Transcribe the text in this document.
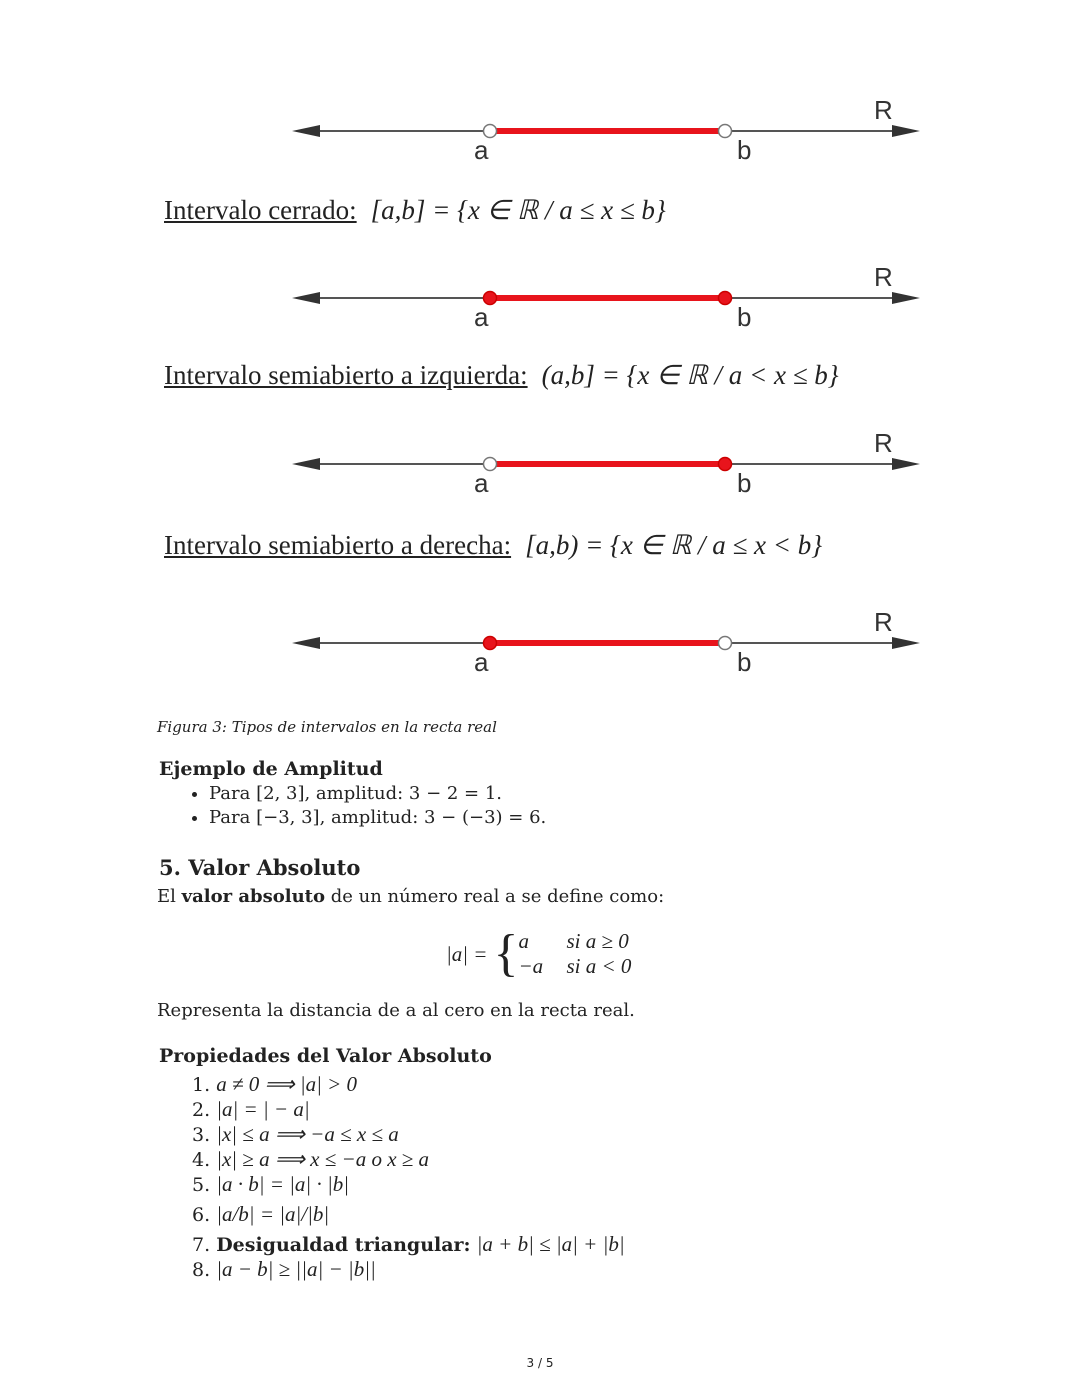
a	b
R
Intervalo cerrado: [a,b] = {x ∈ ℝ / a ≤ x ≤ b}
a	b
R
Intervalo semiabierto a izquierda: (a,b] = {x ∈ ℝ / a < x ≤ b}
a	b
R
Intervalo semiabierto a derecha: [a,b) = {x ∈ ℝ / a ≤ x < b}
a	b
R
Figura 3: Tipos de intervalos en la recta real
Ejemplo de Amplitud
• Para [2, 3], amplitud: 3 − 2 = 1.
• Para [−3, 3], amplitud: 3 − (−3) = 6.
5. Valor Absoluto
El valor absoluto de un número real a se define como:
|a| = { a si a ≥ 0
−a si a < 0
Representa la distancia de a al cero en la recta real.
Propiedades del Valor Absoluto
1. a ≠ 0 ⟹ |a| > 0
2. |a| = | − a|
3. |x| ≤ a ⟹ −a ≤ x ≤ a
4. |x| ≥ a ⟹ x ≤ −a o x ≥ a
5. |a · b| = |a| · |b|
6. |a/b| = |a|/|b|
7. Desigualdad triangular: |a + b| ≤ |a| + |b|
8. |a − b| ≥ ||a| − |b||
3 / 5
